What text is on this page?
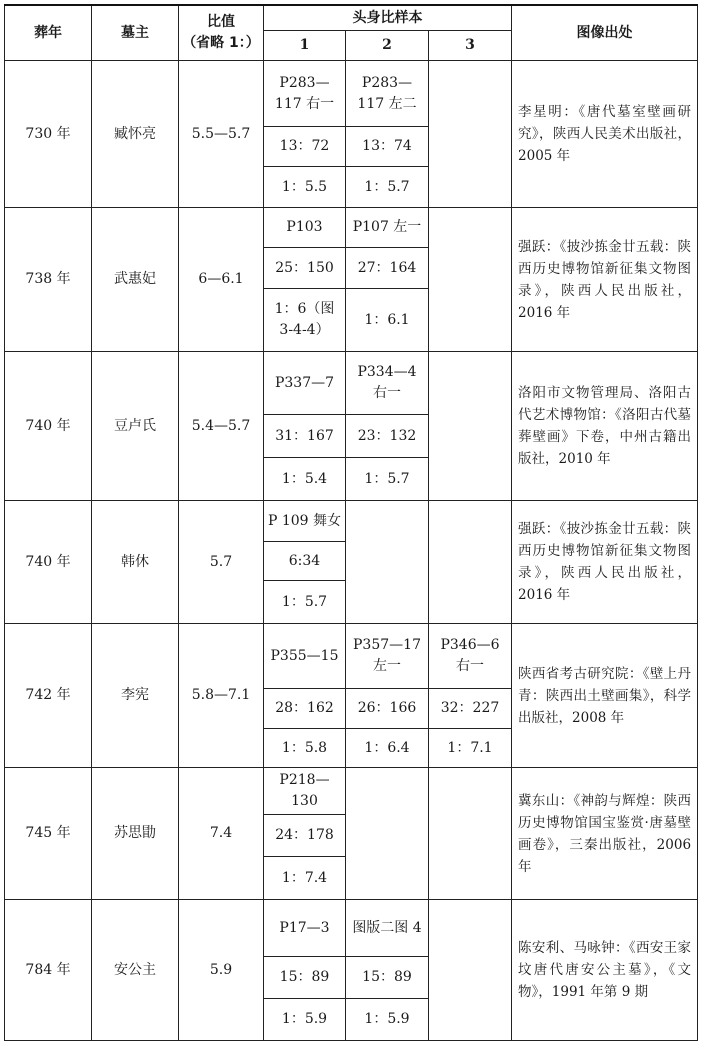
葬年	墓主	比值
（省略 1：）	头身比样本			图像出处
			1	2	3	
730 年	臧怀亮	5.5—5.7	P283—117 右一	P283—117 左二		李星明：《唐代墓室壁画研究》，陕西人民美术出版社，2005 年
			13：72	13：74		
			1：5.5	1：5.7		
738 年	武惠妃	6—6.1	P103	P107 左一		强跃：《披沙拣金廿五载：陕西历史博物馆新征集文物图录》，陕西人民出版社，2016 年
			25：150	27：164		
			1：6（图 3-4-4）	1：6.1		
740 年	豆卢氏	5.4—5.7	P337—7	P334—4 右一		洛阳市文物管理局、洛阳古代艺术博物馆：《洛阳古代墓葬壁画》下卷，中州古籍出版社，2010 年
			31：167	23：132		
			1：5.4	1：5.7		
740 年	韩休	5.7	P 109 舞女			强跃：《披沙拣金廿五载：陕西历史博物馆新征集文物图录》，陕西人民出版社，2016 年
			6:34			
			1：5.7			
742 年	李宪	5.8—7.1	P355—15	P357—17 左一	P346—6 右一	陕西省考古研究院：《壁上丹青：陕西出土壁画集》，科学出版社，2008 年
			28：162	26：166	32：227	
			1：5.8	1：6.4	1：7.1	
745 年	苏思勖	7.4	P218—130			冀东山：《神韵与辉煌：陕西历史博物馆国宝鉴赏·唐墓壁画卷》，三秦出版社，2006 年
			24：178			
			1：7.4			
784 年	安公主	5.9	P17—3	图版二图 4		陈安利、马咏钟：《西安王家坟唐代唐安公主墓》，《文物》，1991 年第 9 期
			15：89	15：89		
			1：5.9	1：5.9		
